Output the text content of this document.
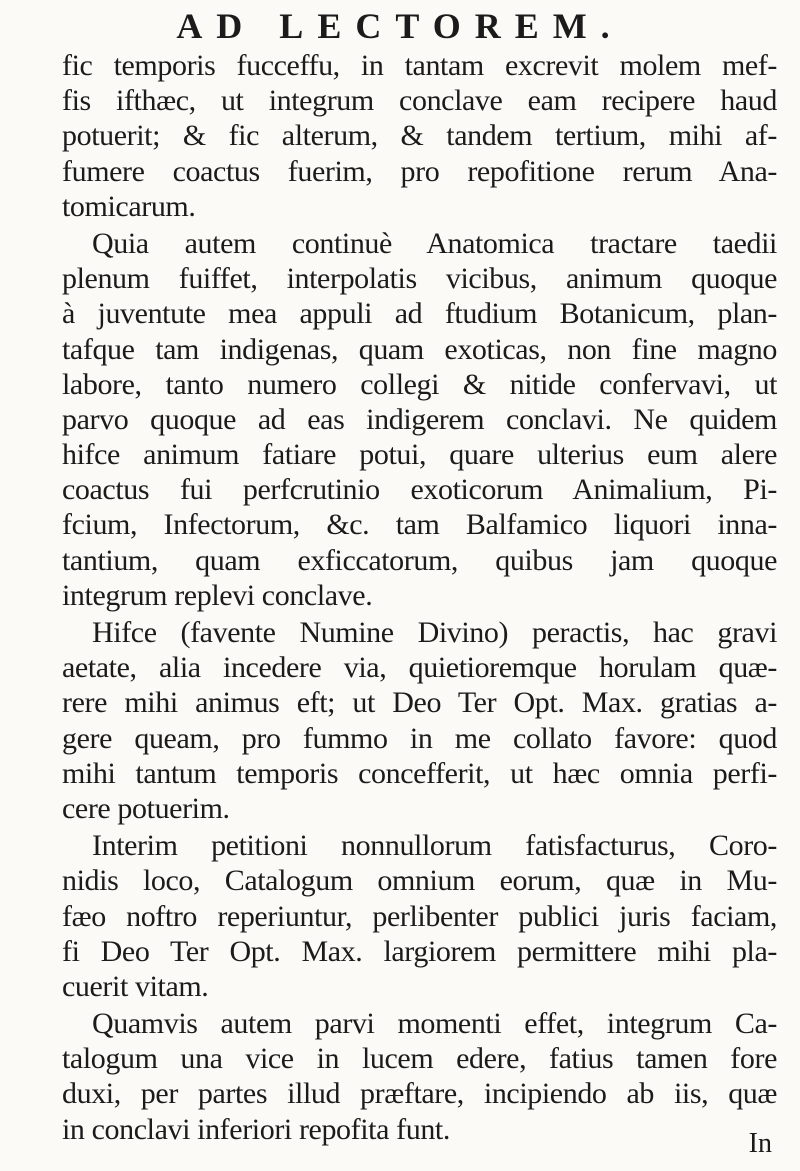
AD LECTOREM.

fic temporis fucceffu, in tantam excrevit molem mef-
fis ifthæc, ut integrum conclave eam recipere haud
potuerit; & fic alterum, & tandem tertium, mihi af-
fumere coactus fuerim, pro repofitione rerum Ana-
tomicarum.

Quia autem continuè Anatomica tractare taedii
plenum fuiffet, interpolatis vicibus, animum quoque
à juventute mea appuli ad ftudium Botanicum, plan-
tafque tam indigenas, quam exoticas, non fine magno
labore, tanto numero collegi & nitide confervavi, ut
parvo quoque ad eas indigerem conclavi. Ne quidem
hifce animum fatiare potui, quare ulterius eum alere
coactus fui perfcrutinio exoticorum Animalium, Pi-
fcium, Infectorum, &c. tam Balfamico liquori inna-
tantium, quam exficcatorum, quibus jam quoque
integrum replevi conclave.

Hifce (favente Numine Divino) peractis, hac gravi
aetate, alia incedere via, quietioremque horulam quæ-
rere mihi animus eft; ut Deo Ter Opt. Max. gratias a-
gere queam, pro fummo in me collato favore: quod
mihi tantum temporis concefferit, ut hæc omnia perfi-
cere potuerim.

Interim petitioni nonnullorum fatisfacturus, Coro-
nidis loco, Catalogum omnium eorum, quæ in Mu-
fæo noftro reperiuntur, perlibenter publici juris faciam,
fi Deo Ter Opt. Max. largiorem permittere mihi pla-
cuerit vitam.

Quamvis autem parvi momenti effet, integrum Ca-
talogum una vice in lucem edere, fatius tamen fore
duxi, per partes illud præftare, incipiendo ab iis, quæ
in conclavi inferiori repofita funt.	In
